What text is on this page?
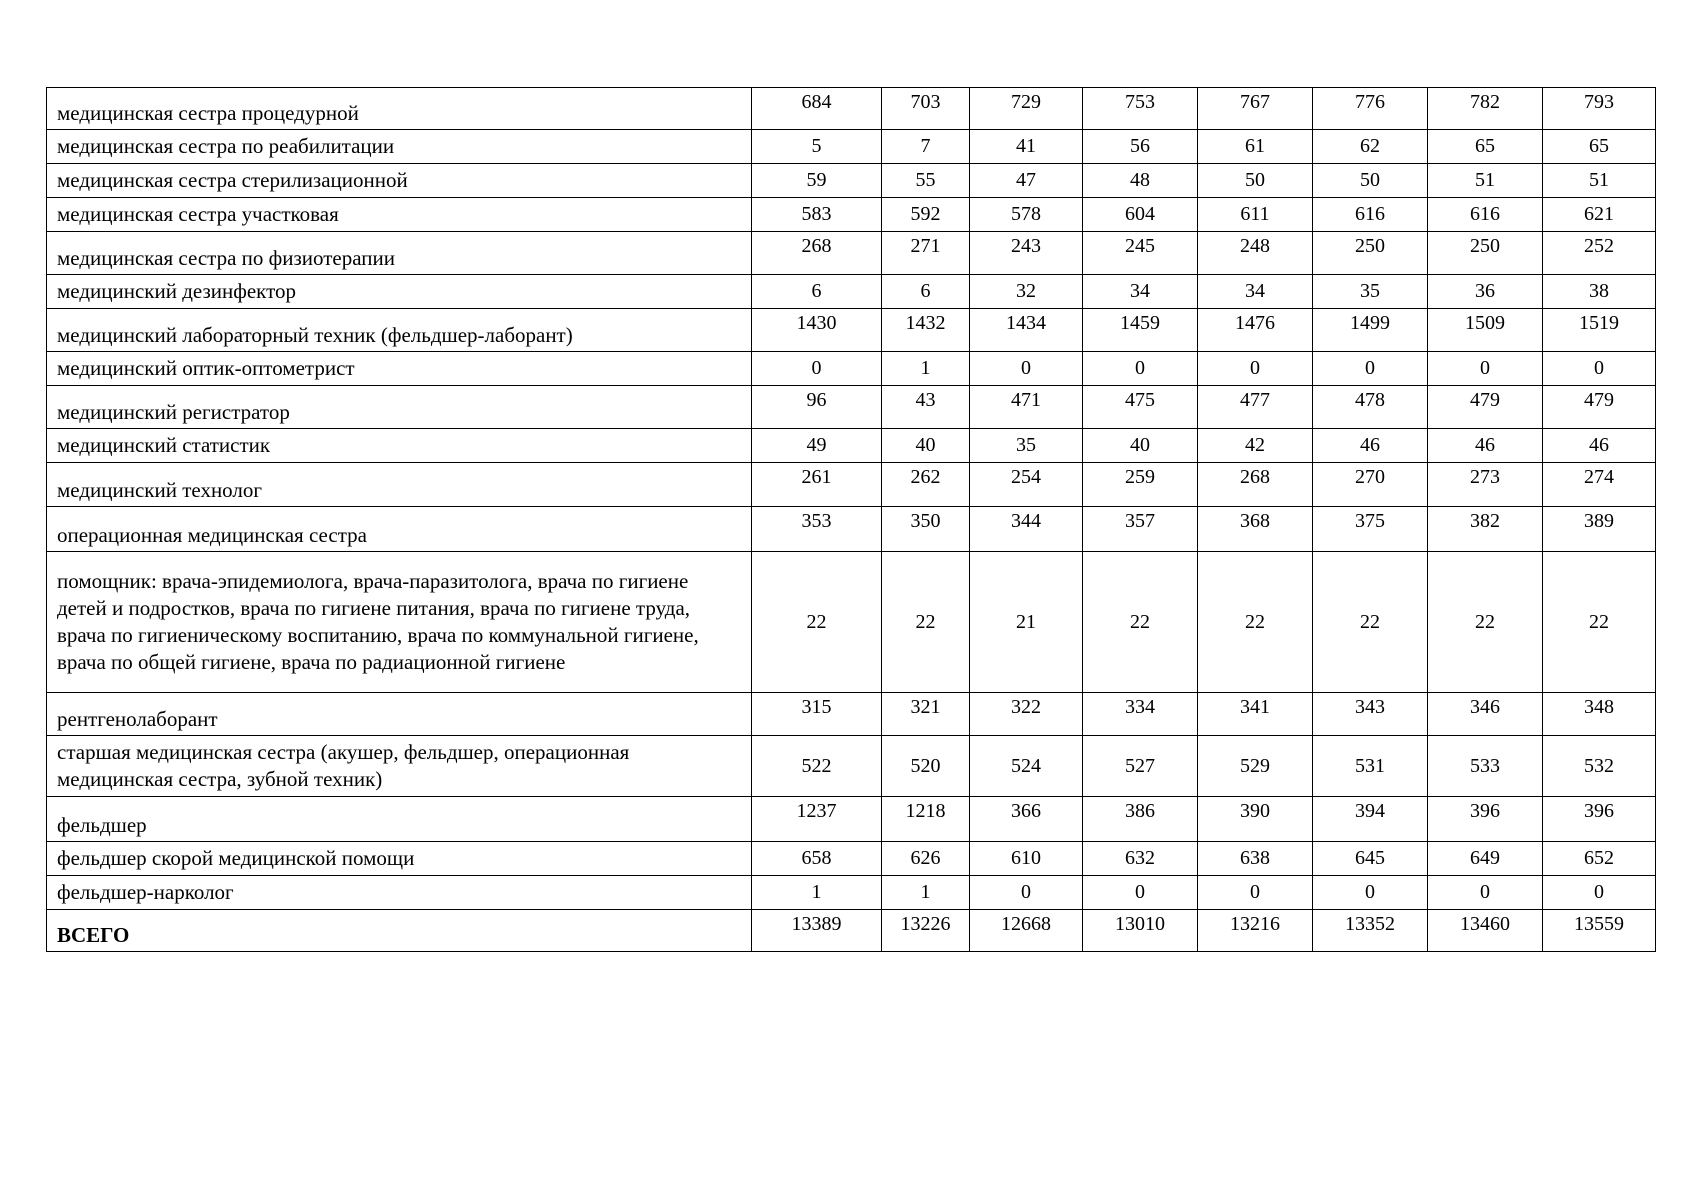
медицинская сестра процедурной	684	703	729	753	767	776	782	793
медицинская сестра по реабилитации	5	7	41	56	61	62	65	65
медицинская сестра стерилизационной	59	55	47	48	50	50	51	51
медицинская сестра участковая	583	592	578	604	611	616	616	621
медицинская сестра по физиотерапии	268	271	243	245	248	250	250	252
медицинский дезинфектор	6	6	32	34	34	35	36	38
медицинский лабораторный техник (фельдшер-лаборант)	1430	1432	1434	1459	1476	1499	1509	1519
медицинский оптик-оптометрист	0	1	0	0	0	0	0	0
медицинский регистратор	96	43	471	475	477	478	479	479
медицинский статистик	49	40	35	40	42	46	46	46
медицинский технолог	261	262	254	259	268	270	273	274
операционная медицинская сестра	353	350	344	357	368	375	382	389
помощник: врача-эпидемиолога, врача-паразитолога, врача по гигиене детей и подростков, врача по гигиене питания, врача по гигиене труда, врача по гигиеническому воспитанию, врача по коммунальной гигиене, врача по общей гигиене, врача по радиационной гигиене	22	22	21	22	22	22	22	22
рентгенолаборант	315	321	322	334	341	343	346	348
старшая медицинская сестра (акушер, фельдшер, операционная медицинская сестра, зубной техник)	522	520	524	527	529	531	533	532
фельдшер	1237	1218	366	386	390	394	396	396
фельдшер скорой медицинской помощи	658	626	610	632	638	645	649	652
фельдшер-нарколог	1	1	0	0	0	0	0	0
ВСЕГО	13389	13226	12668	13010	13216	13352	13460	13559
